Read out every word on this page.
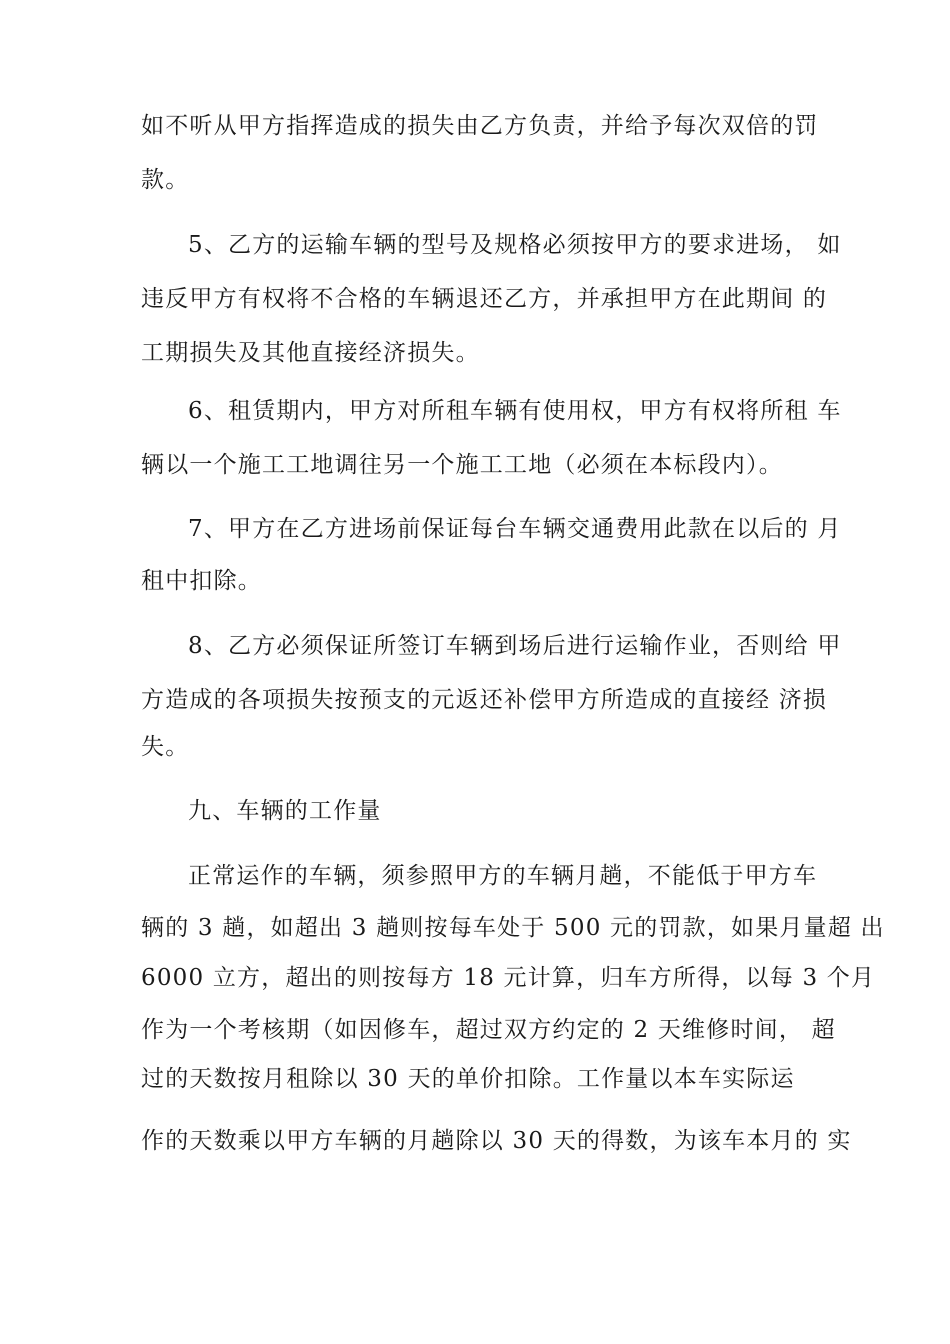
如不听从甲方指挥造成的损失由乙方负责，并给予每次双倍的罚
款。
5、乙方的运输车辆的型号及规格必须按甲方的要求进场， 如
违反甲方有权将不合格的车辆退还乙方，并承担甲方在此期间 的
工期损失及其他直接经济损失。
6、租赁期内，甲方对所租车辆有使用权，甲方有权将所租 车
辆以一个施工工地调往另一个施工工地（必须在本标段内）。
7、甲方在乙方进场前保证每台车辆交通费用此款在以后的 月
租中扣除。
8、乙方必须保证所签订车辆到场后进行运输作业，否则给 甲
方造成的各项损失按预支的元返还补偿甲方所造成的直接经 济损
失。
九、车辆的工作量
正常运作的车辆，须参照甲方的车辆月趟，不能低于甲方车
辆的 3 趟，如超出 3 趟则按每车处于 500 元的罚款，如果月量超 出
6000 立方，超出的则按每方 18 元计算，归车方所得，以每 3 个月
作为一个考核期（如因修车，超过双方约定的 2 天维修时间， 超
过的天数按月租除以 30 天的单价扣除。工作量以本车实际运
作的天数乘以甲方车辆的月趟除以 30 天的得数，为该车本月的 实
